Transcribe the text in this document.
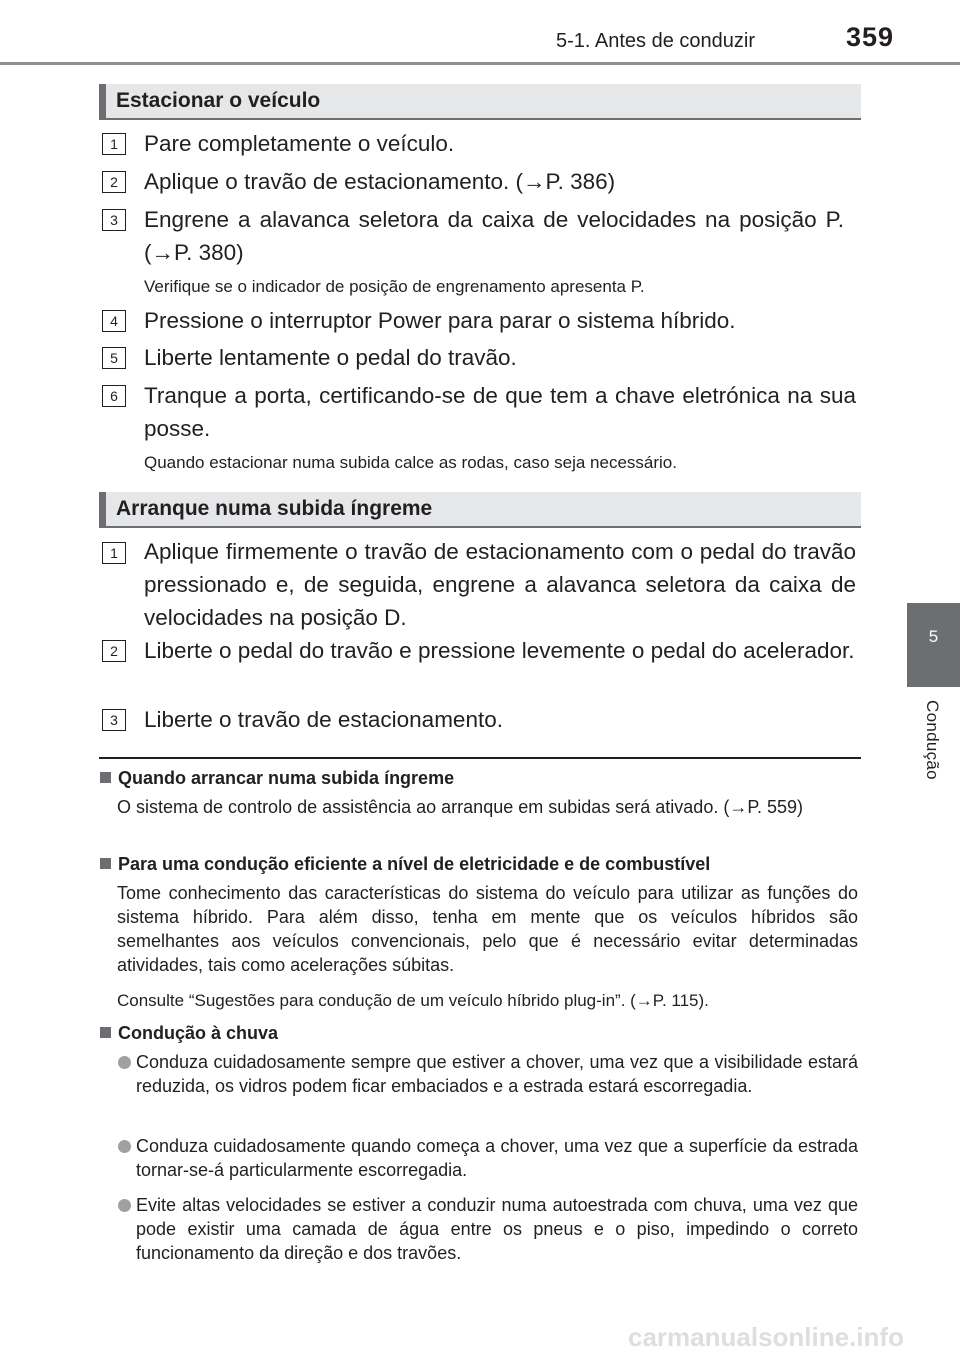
5-1. Antes de conduzir	359
5
Condução
Estacionar o veículo
1	Pare completamente o veículo.
2	Aplique o travão de estacionamento. (→P. 386)
3	Engrene a alavanca seletora da caixa de velocidades na posição P. (→P. 380)
Verifique se o indicador de posição de engrenamento apresenta P.
4	Pressione o interruptor Power para parar o sistema híbrido.
5	Liberte lentamente o pedal do travão.
6	Tranque a porta, certificando-se de que tem a chave eletrónica na sua posse.
Quando estacionar numa subida calce as rodas, caso seja necessário.
Arranque numa subida íngreme
1	Aplique firmemente o travão de estacionamento com o pedal do travão pressionado e, de seguida, engrene a alavanca seletora da caixa de velocidades na posição D.
2	Liberte o pedal do travão e pressione levemente o pedal do acelerador.
3	Liberte o travão de estacionamento.
Quando arrancar numa subida íngreme
O sistema de controlo de assistência ao arranque em subidas será ativado. (→P. 559)
Para uma condução eficiente a nível de eletricidade e de combustível
Tome conhecimento das características do sistema do veículo para utilizar as funções do sistema híbrido. Para além disso, tenha em mente que os veículos híbridos são semelhantes aos veículos convencionais, pelo que é necessário evitar determinadas atividades, tais como acelerações súbitas.
Consulte “Sugestões para condução de um veículo híbrido plug-in”. (→P. 115).
Condução à chuva
Conduza cuidadosamente sempre que estiver a chover, uma vez que a visibilidade estará reduzida, os vidros podem ficar embaciados e a estrada estará escorregadia.
Conduza cuidadosamente quando começa a chover, uma vez que a superfície da estrada tornar-se-á particularmente escorregadia.
Evite altas velocidades se estiver a conduzir numa autoestrada com chuva, uma vez que pode existir uma camada de água entre os pneus e o piso, impedindo o correto funcionamento da direção e dos travões.
carmanualsonline.info
